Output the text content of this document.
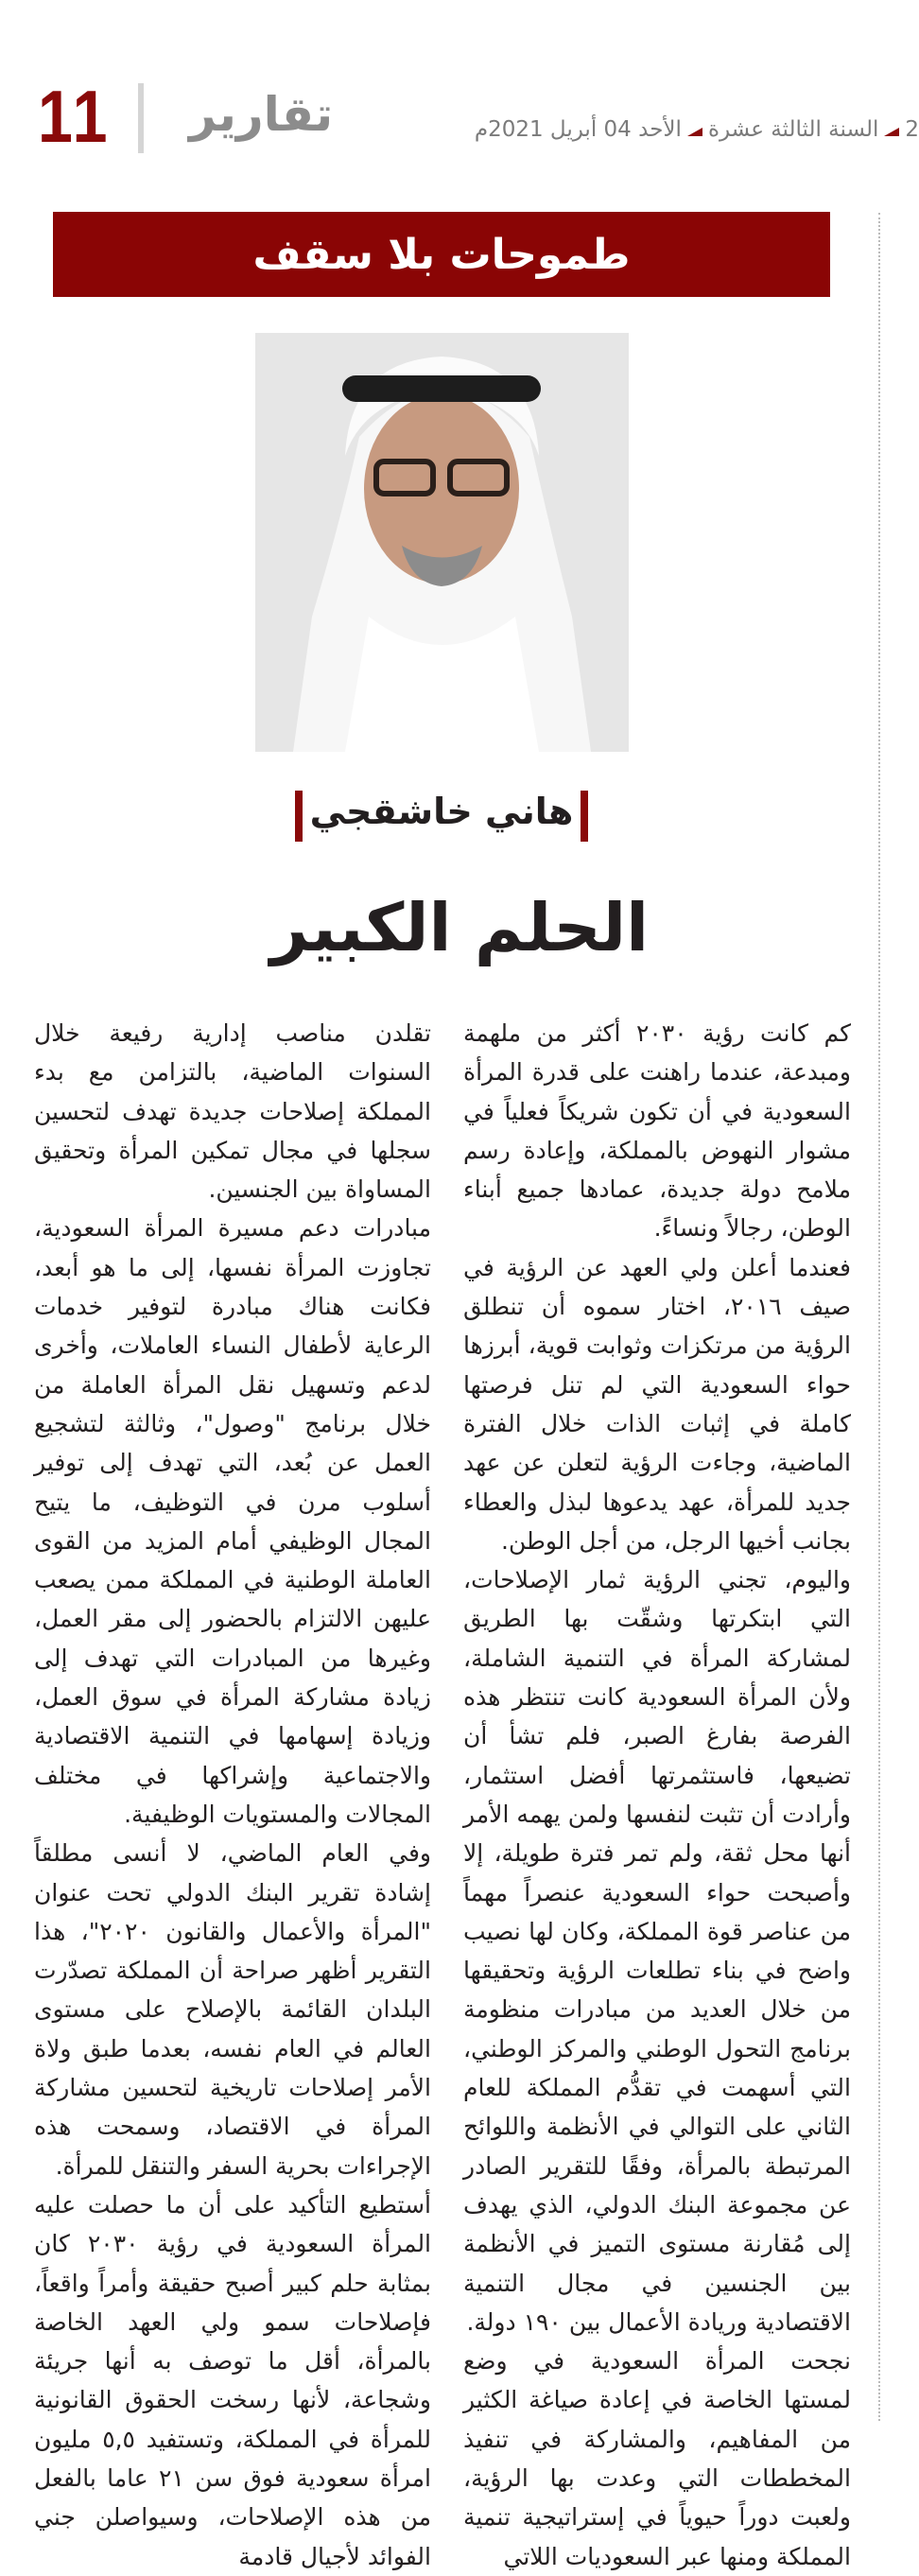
11 تقارير	2السنة الثالثة عشرةالأحد 04 أبريل 2021م
طموحات بلا سقف
هاني خاشقجي
الحلم الكبير

كم كانت رؤية ٢٠٣٠ أكثر من ملهمة ومبدعة، عندما راهنت على قدرة المرأة السعودية في أن تكون شريكاً فعلياً في مشوار النهوض بالمملكة، وإعادة رسم ملامح دولة جديدة، عمادها جميع أبناء الوطن، رجالاً ونساءً.

فعندما أعلن ولي العهد عن الرؤية في صيف ٢٠١٦، اختار سموه أن تنطلق الرؤية من مرتكزات وثوابت قوية، أبرزها حواء السعودية التي لم تنل فرصتها كاملة في إثبات الذات خلال الفترة الماضية، وجاءت الرؤية لتعلن عن عهد جديد للمرأة، عهد يدعوها لبذل والعطاء بجانب أخيها الرجل، من أجل الوطن.

واليوم، تجني الرؤية ثمار الإصلاحات، التي ابتكرتها وشقّت بها الطريق لمشاركة المرأة في التنمية الشاملة، ولأن المرأة السعودية كانت تنتظر هذه الفرصة بفارغ الصبر، فلم تشأ أن تضيعها، فاستثمرتها أفضل استثمار، وأرادت أن تثبت لنفسها ولمن يهمه الأمر أنها محل ثقة، ولم تمر فترة طويلة، إلا وأصبحت حواء السعودية عنصراً مهماً من عناصر قوة المملكة، وكان لها نصيب واضح في بناء تطلعات الرؤية وتحقيقها من خلال العديد من مبادرات منظومة برنامج التحول الوطني والمركز الوطني، التي أسهمت في تقدُّم المملكة للعام الثاني على التوالي في الأنظمة واللوائح المرتبطة بالمرأة، وفقًا للتقرير الصادر عن مجموعة البنك الدولي، الذي يهدف إلى مُقارنة مستوى التميز في الأنظمة بين الجنسين في مجال التنمية الاقتصادية وريادة الأعمال بين ١٩٠ دولة.

نجحت المرأة السعودية في وضع لمستها الخاصة في إعادة صياغة الكثير من المفاهيم، والمشاركة في تنفيذ المخططات التي وعدت بها الرؤية، ولعبت دوراً حيوياً في إستراتيجية تنمية المملكة ومنها عبر السعوديات اللاتي

تقلدن مناصب إدارية رفيعة خلال السنوات الماضية، بالتزامن مع بدء المملكة إصلاحات جديدة تهدف لتحسين سجلها في مجال تمكين المرأة وتحقيق المساواة بين الجنسين.

مبادرات دعم مسيرة المرأة السعودية، تجاوزت المرأة نفسها، إلى ما هو أبعد، فكانت هناك مبادرة لتوفير خدمات الرعاية لأطفال النساء العاملات، وأخرى لدعم وتسهيل نقل المرأة العاملة من خلال برنامج "وصول"، وثالثة لتشجيع العمل عن بُعد، التي تهدف إلى توفير أسلوب مرن في التوظيف، ما يتيح المجال الوظيفي أمام المزيد من القوى العاملة الوطنية في المملكة ممن يصعب عليهن الالتزام بالحضور إلى مقر العمل، وغيرها من المبادرات التي تهدف إلى زيادة مشاركة المرأة في سوق العمل، وزيادة إسهامها في التنمية الاقتصادية والاجتماعية وإشراكها في مختلف المجالات والمستويات الوظيفية.

وفي العام الماضي، لا أنسى مطلقاً إشادة تقرير البنك الدولي تحت عنوان "المرأة والأعمال والقانون ٢٠٢٠"، هذا التقرير أظهر صراحة أن المملكة تصدّرت البلدان القائمة بالإصلاح على مستوى العالم في العام نفسه، بعدما طبق ولاة الأمر إصلاحات تاريخية لتحسين مشاركة المرأة في الاقتصاد، وسمحت هذه الإجراءات بحرية السفر والتنقل للمرأة.

أستطيع التأكيد على أن ما حصلت عليه المرأة السعودية في رؤية ٢٠٣٠ كان بمثابة حلم كبير أصبح حقيقة وأمراً واقعاً، فإصلاحات سمو ولي العهد الخاصة بالمرأة، أقل ما توصف به أنها جريئة وشجاعة، لأنها رسخت الحقوق القانونية للمرأة في المملكة، وتستفيد ٥,٥ مليون امرأة سعودية فوق سن ٢١ عاما بالفعل من هذه الإصلاحات، وسيواصلن جني الفوائد لأجيال قادمة
